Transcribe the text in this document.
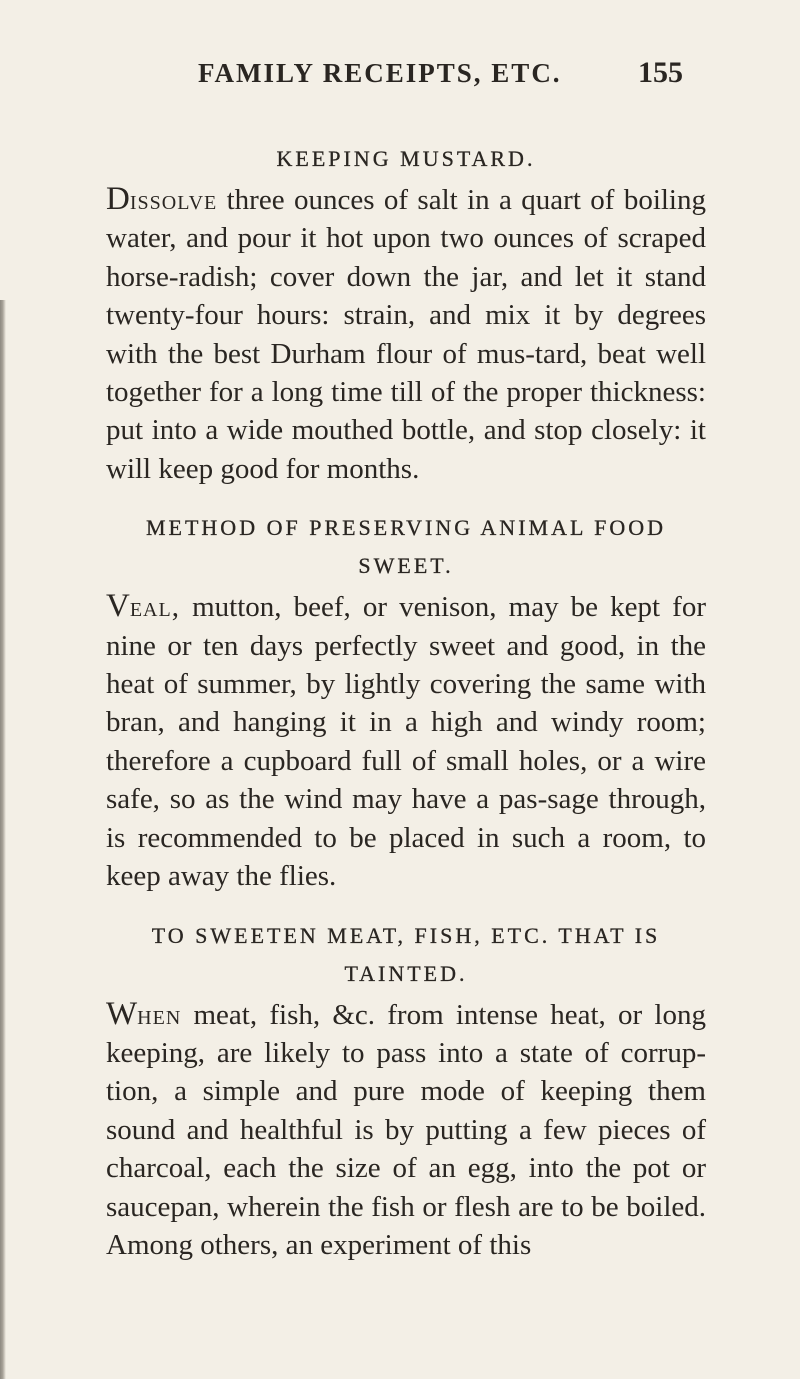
FAMILY RECEIPTS, ETC.	155

KEEPING MUSTARD.

Dissolve three ounces of salt in a quart of boiling water, and pour it hot upon two ounces of scraped horse-radish; cover down the jar, and let it stand twenty-four hours: strain, and mix it by degrees with the best Durham flour of mus-tard, beat well together for a long time till of the proper thickness: put into a wide mouthed bottle, and stop closely: it will keep good for months.

METHOD OF PRESERVING ANIMAL FOOD

SWEET.

Veal, mutton, beef, or venison, may be kept for nine or ten days perfectly sweet and good, in the heat of summer, by lightly covering the same with bran, and hanging it in a high and windy room; therefore a cupboard full of small holes, or a wire safe, so as the wind may have a pas-sage through, is recommended to be placed in such a room, to keep away the flies.

TO SWEETEN MEAT, FISH, ETC. THAT IS

TAINTED.

When meat, fish, &c. from intense heat, or long keeping, are likely to pass into a state of corrup-tion, a simple and pure mode of keeping them sound and healthful is by putting a few pieces of charcoal, each the size of an egg, into the pot or saucepan, wherein the fish or flesh are to be boiled. Among others, an experiment of this
